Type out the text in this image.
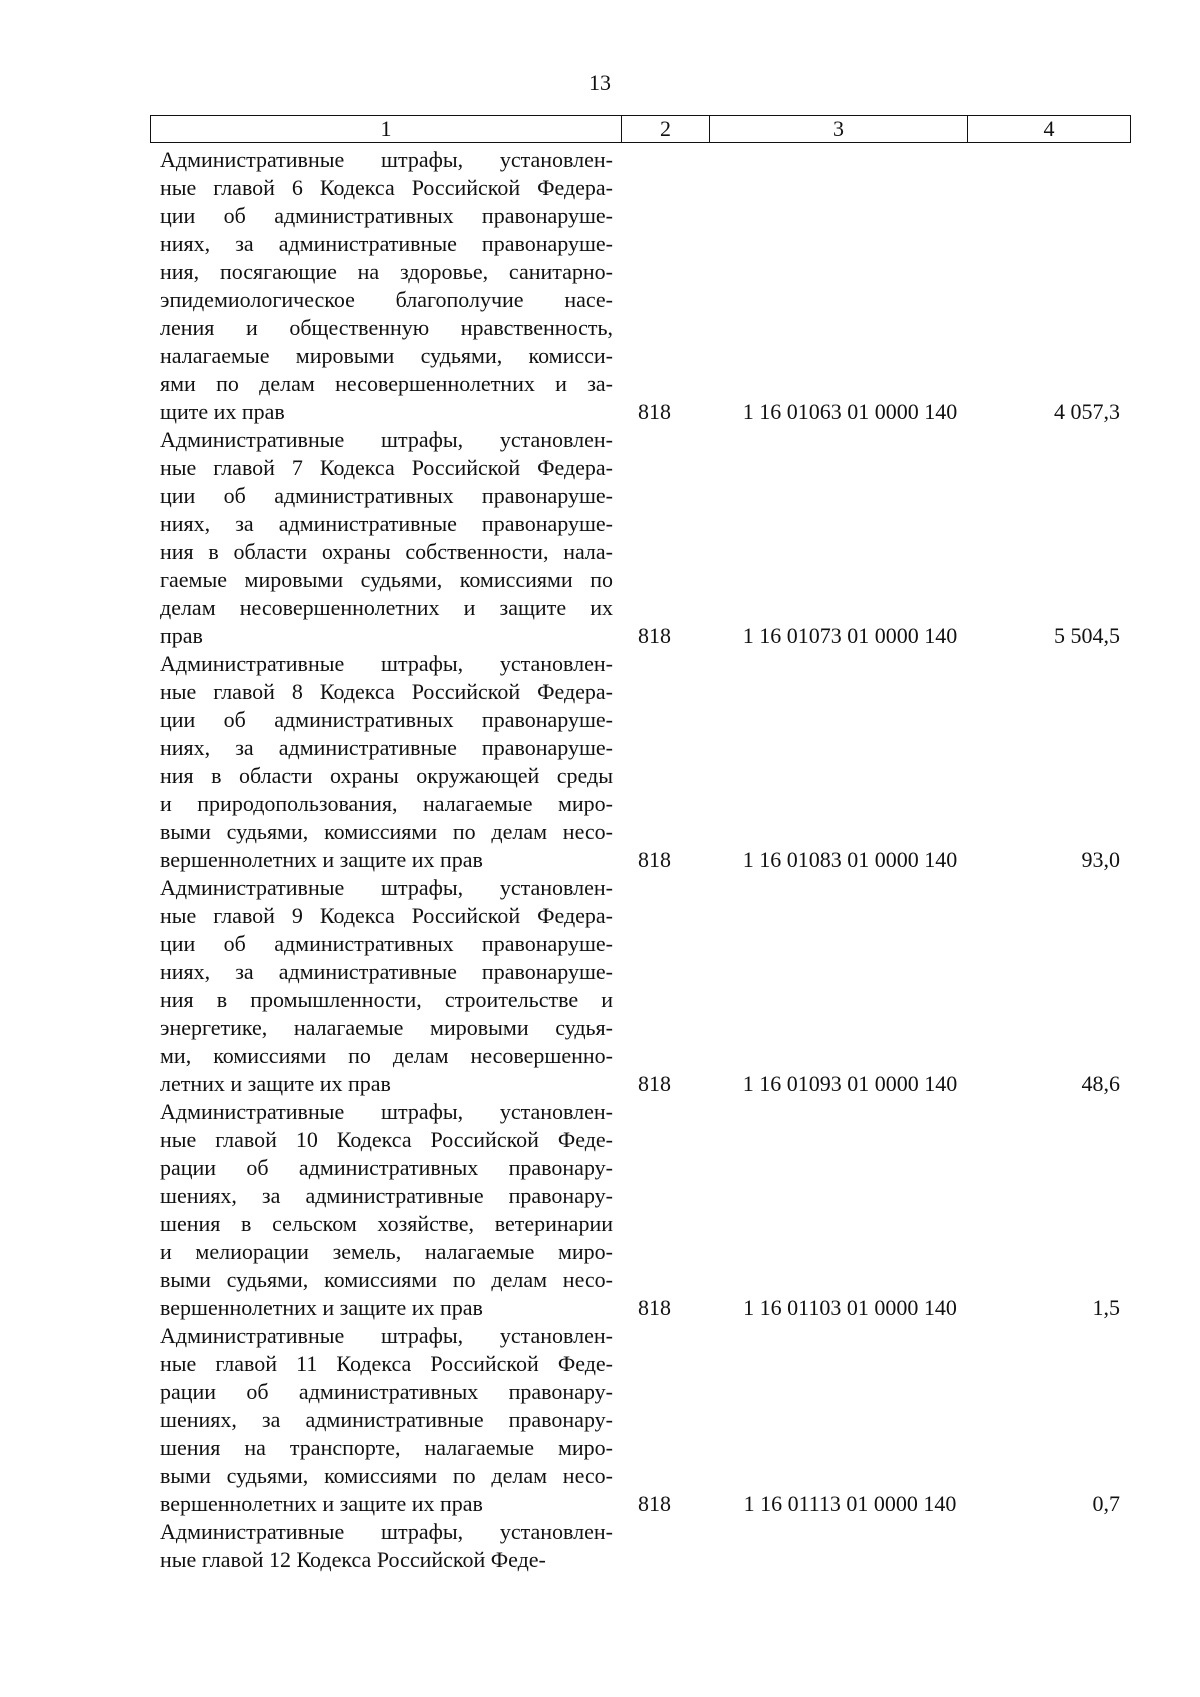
13
1	2	3	4
Административные штрафы, установлен-
ные главой 6 Кодекса Российской Федера-
ции об административных правонаруше-
ниях, за административные правонаруше-
ния, посягающие на здоровье, санитарно-
эпидемиологическое благополучие насе-
ления и общественную нравственность,
налагаемые мировыми судьями, комисси-
ями по делам несовершеннолетних и за-
щите их прав	818	1 16 01063 01 0000 140	4 057,3
Административные штрафы, установлен-
ные главой 7 Кодекса Российской Федера-
ции об административных правонаруше-
ниях, за административные правонаруше-
ния в области охраны собственности, нала-
гаемые мировыми судьями, комиссиями по
делам несовершеннолетних и защите их
прав	818	1 16 01073 01 0000 140	5 504,5
Административные штрафы, установлен-
ные главой 8 Кодекса Российской Федера-
ции об административных правонаруше-
ниях, за административные правонаруше-
ния в области охраны окружающей среды
и природопользования, налагаемые миро-
выми судьями, комиссиями по делам несо-
вершеннолетних и защите их прав	818	1 16 01083 01 0000 140	93,0
Административные штрафы, установлен-
ные главой 9 Кодекса Российской Федера-
ции об административных правонаруше-
ниях, за административные правонаруше-
ния в промышленности, строительстве и
энергетике, налагаемые мировыми судья-
ми, комиссиями по делам несовершенно-
летних и защите их прав	818	1 16 01093 01 0000 140	48,6
Административные штрафы, установлен-
ные главой 10 Кодекса Российской Феде-
рации об административных правонару-
шениях, за административные правонару-
шения в сельском хозяйстве, ветеринарии
и мелиорации земель, налагаемые миро-
выми судьями, комиссиями по делам несо-
вершеннолетних и защите их прав	818	1 16 01103 01 0000 140	1,5
Административные штрафы, установлен-
ные главой 11 Кодекса Российской Феде-
рации об административных правонару-
шениях, за административные правонару-
шения на транспорте, налагаемые миро-
выми судьями, комиссиями по делам несо-
вершеннолетних и защите их прав	818	1 16 01113 01 0000 140	0,7
Административные штрафы, установлен-
ные главой 12 Кодекса Российской Феде-
